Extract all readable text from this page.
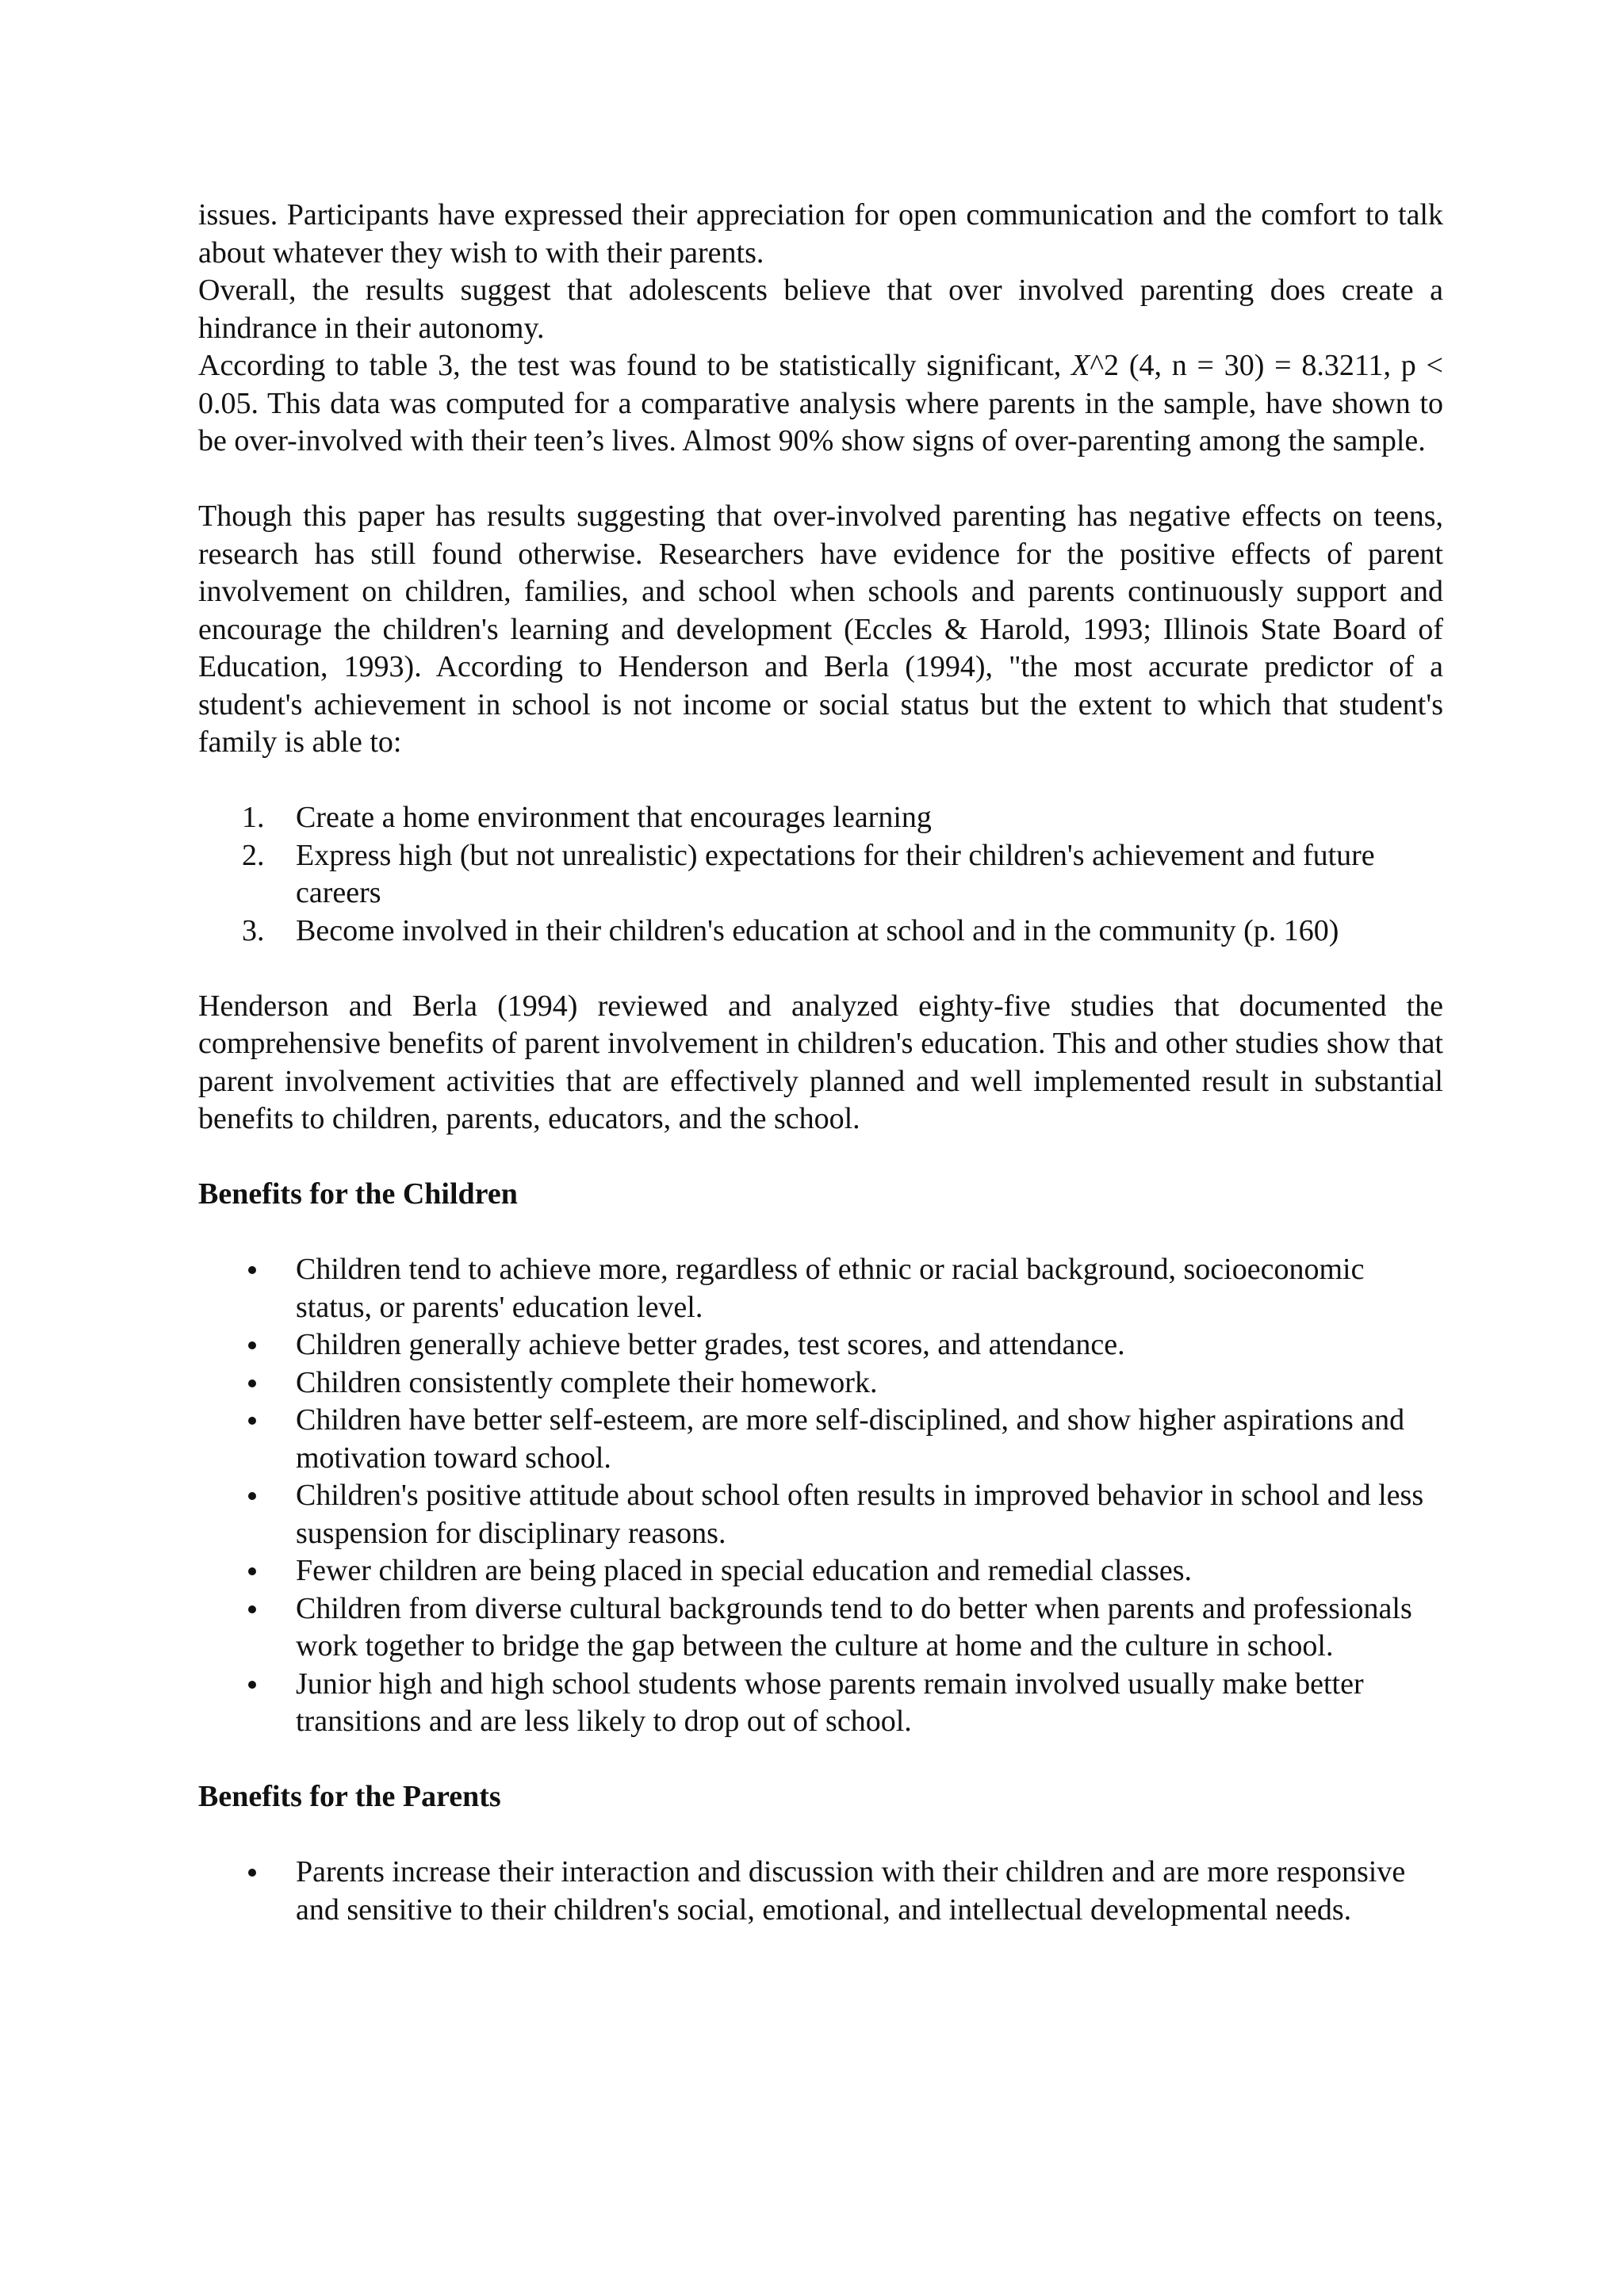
issues. Participants have expressed their appreciation for open communication and the comfort to talk about whatever they wish to with their parents.

Overall, the results suggest that adolescents believe that over involved parenting does create a hindrance in their autonomy.

According to table 3, the test was found to be statistically significant, X^2 (4, n = 30) = 8.3211, p < 0.05. This data was computed for a comparative analysis where parents in the sample, have shown to be over-involved with their teen’s lives. Almost 90% show signs of over-parenting among the sample.

Though this paper has results suggesting that over-involved parenting has negative effects on teens, research has still found otherwise. Researchers have evidence for the positive effects of parent involvement on children, families, and school when schools and parents continuously support and encourage the children's learning and development (Eccles & Harold, 1993; Illinois State Board of Education, 1993). According to Henderson and Berla (1994), "the most accurate predictor of a student's achievement in school is not income or social status but the extent to which that student's family is able to:

1. Create a home environment that encourages learning
2. Express high (but not unrealistic) expectations for their children's achievement and future careers
3. Become involved in their children's education at school and in the community (p. 160)

Henderson and Berla (1994) reviewed and analyzed eighty-five studies that documented the comprehensive benefits of parent involvement in children's education. This and other studies show that parent involvement activities that are effectively planned and well implemented result in substantial benefits to children, parents, educators, and the school.

Benefits for the Children

Children tend to achieve more, regardless of ethnic or racial background, socioeconomic status, or parents' education level.
Children generally achieve better grades, test scores, and attendance.
Children consistently complete their homework.
Children have better self-esteem, are more self-disciplined, and show higher aspirations and motivation toward school.
Children's positive attitude about school often results in improved behavior in school and less suspension for disciplinary reasons.
Fewer children are being placed in special education and remedial classes.
Children from diverse cultural backgrounds tend to do better when parents and professionals work together to bridge the gap between the culture at home and the culture in school.
Junior high and high school students whose parents remain involved usually make better transitions and are less likely to drop out of school.

Benefits for the Parents

Parents increase their interaction and discussion with their children and are more responsive and sensitive to their children's social, emotional, and intellectual developmental needs.
